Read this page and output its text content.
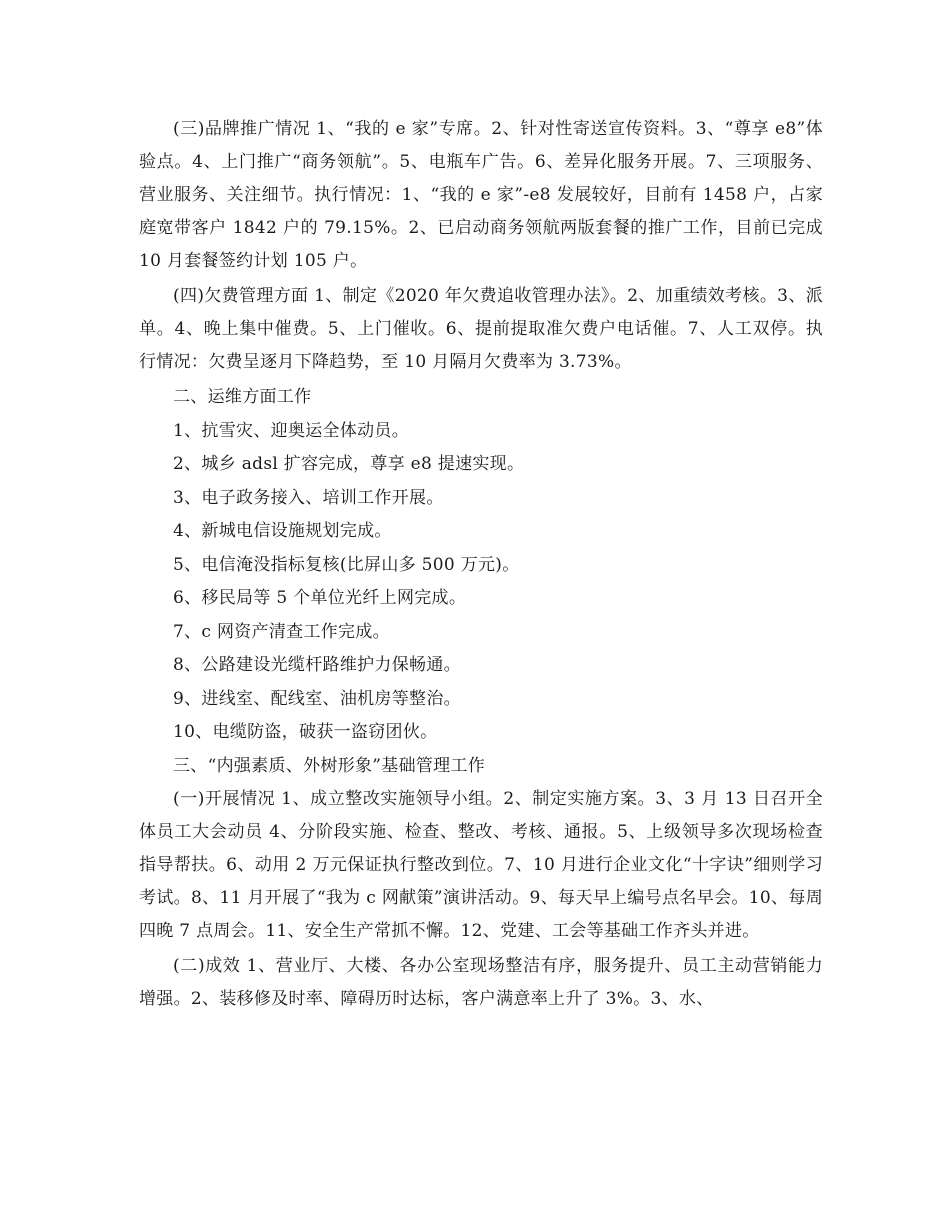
(三)品牌推广情况 1、“我的 e 家”专席。2、针对性寄送宣传资料。3、“尊享 e8”体验点。4、上门推广“商务领航”。5、电瓶车广告。6、差异化服务开展。7、三项服务、营业服务、关注细节。执行情况：1、“我的 e 家”-e8 发展较好，目前有 1458 户，占家庭宽带客户 1842 户的 79.15%。2、已启动商务领航两版套餐的推广工作，目前已完成 10 月套餐签约计划 105 户。

(四)欠费管理方面 1、制定《2020 年欠费追收管理办法》。2、加重绩效考核。3、派单。4、晚上集中催费。5、上门催收。6、提前提取准欠费户电话催。7、人工双停。执行情况：欠费呈逐月下降趋势，至 10 月隔月欠费率为 3.73%。

二、运维方面工作

1、抗雪灾、迎奥运全体动员。

2、城乡 adsl 扩容完成，尊享 e8 提速实现。

3、电子政务接入、培训工作开展。

4、新城电信设施规划完成。

5、电信淹没指标复核(比屏山多 500 万元)。

6、移民局等 5 个单位光纤上网完成。

7、c 网资产清查工作完成。

8、公路建设光缆杆路维护力保畅通。

9、进线室、配线室、油机房等整治。

10、电缆防盗，破获一盗窃团伙。

三、“内强素质、外树形象”基础管理工作

(一)开展情况 1、成立整改实施领导小组。2、制定实施方案。3、3 月 13 日召开全体员工大会动员 4、分阶段实施、检查、整改、考核、通报。5、上级领导多次现场检查指导帮扶。6、动用 2 万元保证执行整改到位。7、10 月进行企业文化“十字诀”细则学习考试。8、11 月开展了“我为 c 网献策”演讲活动。9、每天早上编号点名早会。10、每周四晚 7 点周会。11、安全生产常抓不懈。12、党建、工会等基础工作齐头并进。

(二)成效 1、营业厅、大楼、各办公室现场整洁有序，服务提升、员工主动营销能力增强。2、装移修及时率、障碍历时达标，客户满意率上升了 3%。3、水、
